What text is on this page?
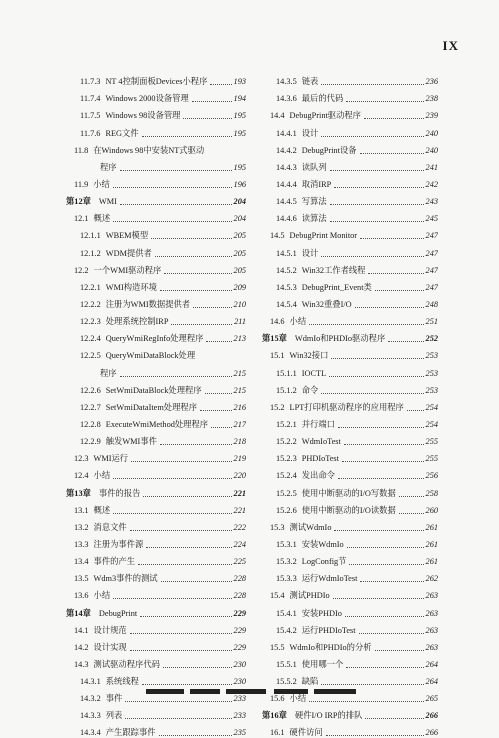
IX
11.7.3 NT 4控制面板Devices小程序	193
11.7.4 Windows 2000设备管理	194
11.7.5 Windows 98设备管理	195
11.7.6 REG文件	195
11.8 在Windows 98中安装NT式驱动
程序	195
11.9 小结	196
第12章 WMI	204
12.1 概述	204
12.1.1 WBEM模型	205
12.1.2 WDM提供者	205
12.2 一个WMI驱动程序	205
12.2.1 WMI构造环境	209
12.2.2 注册为WMI数据提供者	210
12.2.3 处理系统控制IRP	211
12.2.4 QueryWmiRegInfo处理程序	213
12.2.5 QueryWmiDataBlock处理
程序	215
12.2.6 SetWmiDataBlock处理程序	215
12.2.7 SetWmiDataItem处理程序	216
12.2.8 ExecuteWmiMethod处理程序	217
12.2.9 触发WMI事件	218
12.3 WMI运行	219
12.4 小结	220
第13章 事件的报告	221
13.1 概述	221
13.2 消息文件	222
13.3 注册为事件源	224
13.4 事件的产生	225
13.5 Wdm3事件的测试	228
13.6 小结	228
第14章 DebugPrint	229
14.1 设计规范	229
14.2 设计实现	229
14.3 测试驱动程序代码	230
14.3.1 系统线程	230
14.3.2 事件	233
14.3.3 列表	233
14.3.4 产生跟踪事件	235
14.3.5 链表	236
14.3.6 最后的代码	238
14.4 DebugPrint驱动程序	239
14.4.1 设计	240
14.4.2 DebugPrint设备	240
14.4.3 读队列	241
14.4.4 取消IRP	242
14.4.5 写算法	243
14.4.6 读算法	245
14.5 DebugPrint Monitor	247
14.5.1 设计	247
14.5.2 Win32工作者线程	247
14.5.3 DebugPrint_Event类	247
14.5.4 Win32重叠I/O	248
14.6 小结	251
第15章 WdmIo和PHDIo驱动程序	252
15.1 Win32接口	253
15.1.1 IOCTL	253
15.1.2 命令	253
15.2 LPT打印机驱动程序的应用程序	254
15.2.1 并行端口	254
15.2.2 WdmIoTest	255
15.2.3 PHDIoTest	255
15.2.4 发出命令	256
15.2.5 使用中断驱动的I/O写数据	258
15.2.6 使用中断驱动的I/O读数据	260
15.3 测试WdmIo	261
15.3.1 安装WdmIo	261
15.3.2 LogConfig节	261
15.3.3 运行WdmIoTest	262
15.4 测试PHDIo	263
15.4.1 安装PHDIo	263
15.4.2 运行PHDIoTest	263
15.5 WdmIo和PHDIo的分析	263
15.5.1 使用哪一个	264
15.5.2 缺陷	264
15.6 小结	265
第16章 硬件I/O IRP的排队	266
16.1 硬件访问	266
